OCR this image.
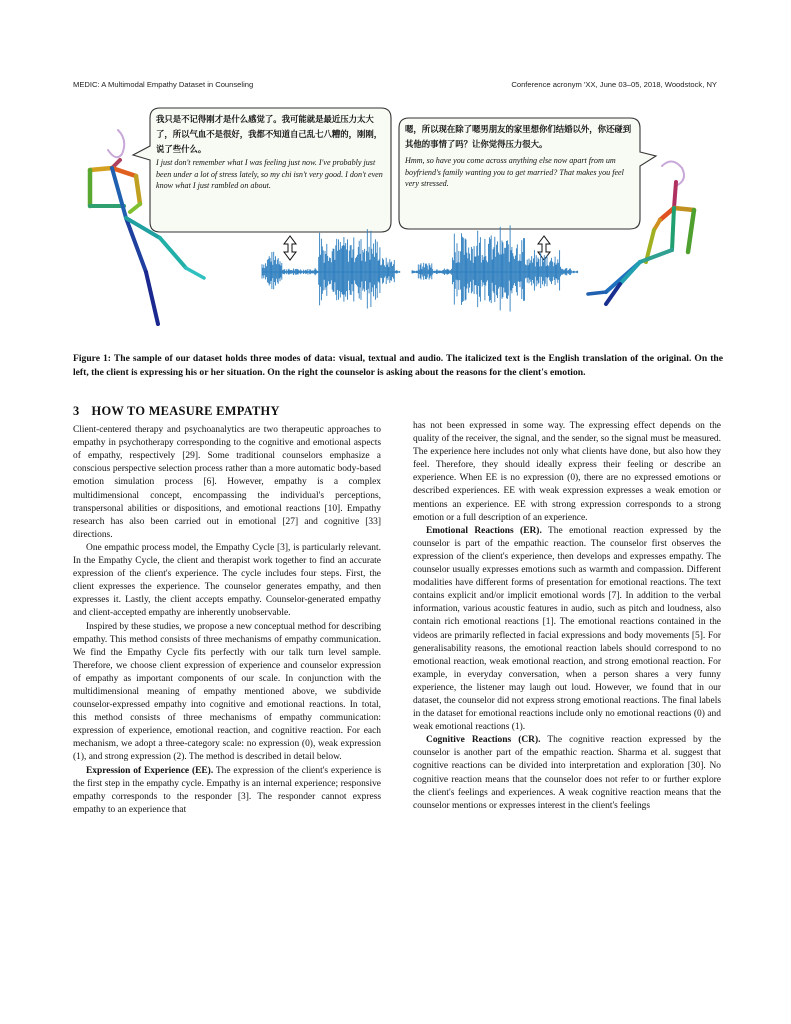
MEDIC: A Multimodal Empathy Dataset in Counseling	Conference acronym 'XX, June 03–05, 2018, Woodstock, NY
我只是不记得刚才是什么感觉了。我可能就是最近压力太大了，所以气血不是很好，我都不知道自己乱七八糟的，刚刚，说了些什么。
I just don't remember what I was feeling just now. I've probably just been under a lot of stress lately, so my chi isn't very good. I don't even know what I just rambled on about.
嗯，所以现在除了嗯男朋友的家里想你们结婚以外，你还碰到其他的事情了吗？让你觉得压力很大。
Hmm, so have you come across anything else now apart from um boyfriend's family wanting you to get married? That makes you feel very stressed.
Figure 1: The sample of our dataset holds three modes of data: visual, textual and audio. The italicized text is the English translation of the original. On the left, the client is expressing his or her situation. On the right the counselor is asking about the reasons for the client's emotion.
3 HOW TO MEASURE EMPATHY

Client-centered therapy and psychoanalytics are two therapeutic approaches to empathy in psychotherapy corresponding to the cognitive and emotional aspects of empathy, respectively [29]. Some traditional counselors emphasize a conscious perspective selection process rather than a more automatic body-based emotion simulation process [6]. However, empathy is a complex multidimensional concept, encompassing the individual's perceptions, transpersonal abilities or dispositions, and emotional reactions [10]. Empathy research has also been carried out in emotional [27] and cognitive [33] directions.

One empathic process model, the Empathy Cycle [3], is particularly relevant. In the Empathy Cycle, the client and therapist work together to find an accurate expression of the client's experience. The cycle includes four steps. First, the client expresses the experience. The counselor generates empathy, and then expresses it. Lastly, the client accepts empathy. Counselor-generated empathy and client-accepted empathy are inherently unobservable.

Inspired by these studies, we propose a new conceptual method for describing empathy. This method consists of three mechanisms of empathy communication. We find the Empathy Cycle fits perfectly with our talk turn level sample. Therefore, we choose client expression of experience and counselor expression of empathy as important components of our scale. In conjunction with the multidimensional meaning of empathy mentioned above, we subdivide counselor-expressed empathy into cognitive and emotional reactions. In total, this method consists of three mechanisms of empathy communication: expression of experience, emotional reaction, and cognitive reaction. For each mechanism, we adopt a three-category scale: no expression (0), weak expression (1), and strong expression (2). The method is described in detail below.

Expression of Experience (EE). The expression of the client's experience is the first step in the empathy cycle. Empathy is an internal experience; responsive empathy corresponds to the responder [3]. The responder cannot express empathy to an experience that

has not been expressed in some way. The expressing effect depends on the quality of the receiver, the signal, and the sender, so the signal must be measured. The experience here includes not only what clients have done, but also how they feel. Therefore, they should ideally express their feeling or describe an experience. When EE is no expression (0), there are no expressed emotions or described experiences. EE with weak expression expresses a weak emotion or mentions an experience. EE with strong expression corresponds to a strong emotion or a full description of an experience.

Emotional Reactions (ER). The emotional reaction expressed by the counselor is part of the empathic reaction. The counselor first observes the expression of the client's experience, then develops and expresses empathy. The counselor usually expresses emotions such as warmth and compassion. Different modalities have different forms of presentation for emotional reactions. The text contains explicit and/or implicit emotional words [7]. In addition to the verbal information, various acoustic features in audio, such as pitch and loudness, also contain rich emotional reactions [1]. The emotional reactions contained in the videos are primarily reflected in facial expressions and body movements [5]. For generalisability reasons, the emotional reaction labels should correspond to no emotional reaction, weak emotional reaction, and strong emotional reaction. For example, in everyday conversation, when a person shares a very funny experience, the listener may laugh out loud. However, we found that in our dataset, the counselor did not express strong emotional reactions. The final labels in the dataset for emotional reactions include only no emotional reactions (0) and weak emotional reactions (1).

Cognitive Reactions (CR). The cognitive reaction expressed by the counselor is another part of the empathic reaction. Sharma et al. suggest that cognitive reactions can be divided into interpretation and exploration [30]. No cognitive reaction means that the counselor does not refer to or further explore the client's feelings and experiences. A weak cognitive reaction means that the counselor mentions or expresses interest in the client's feelings
